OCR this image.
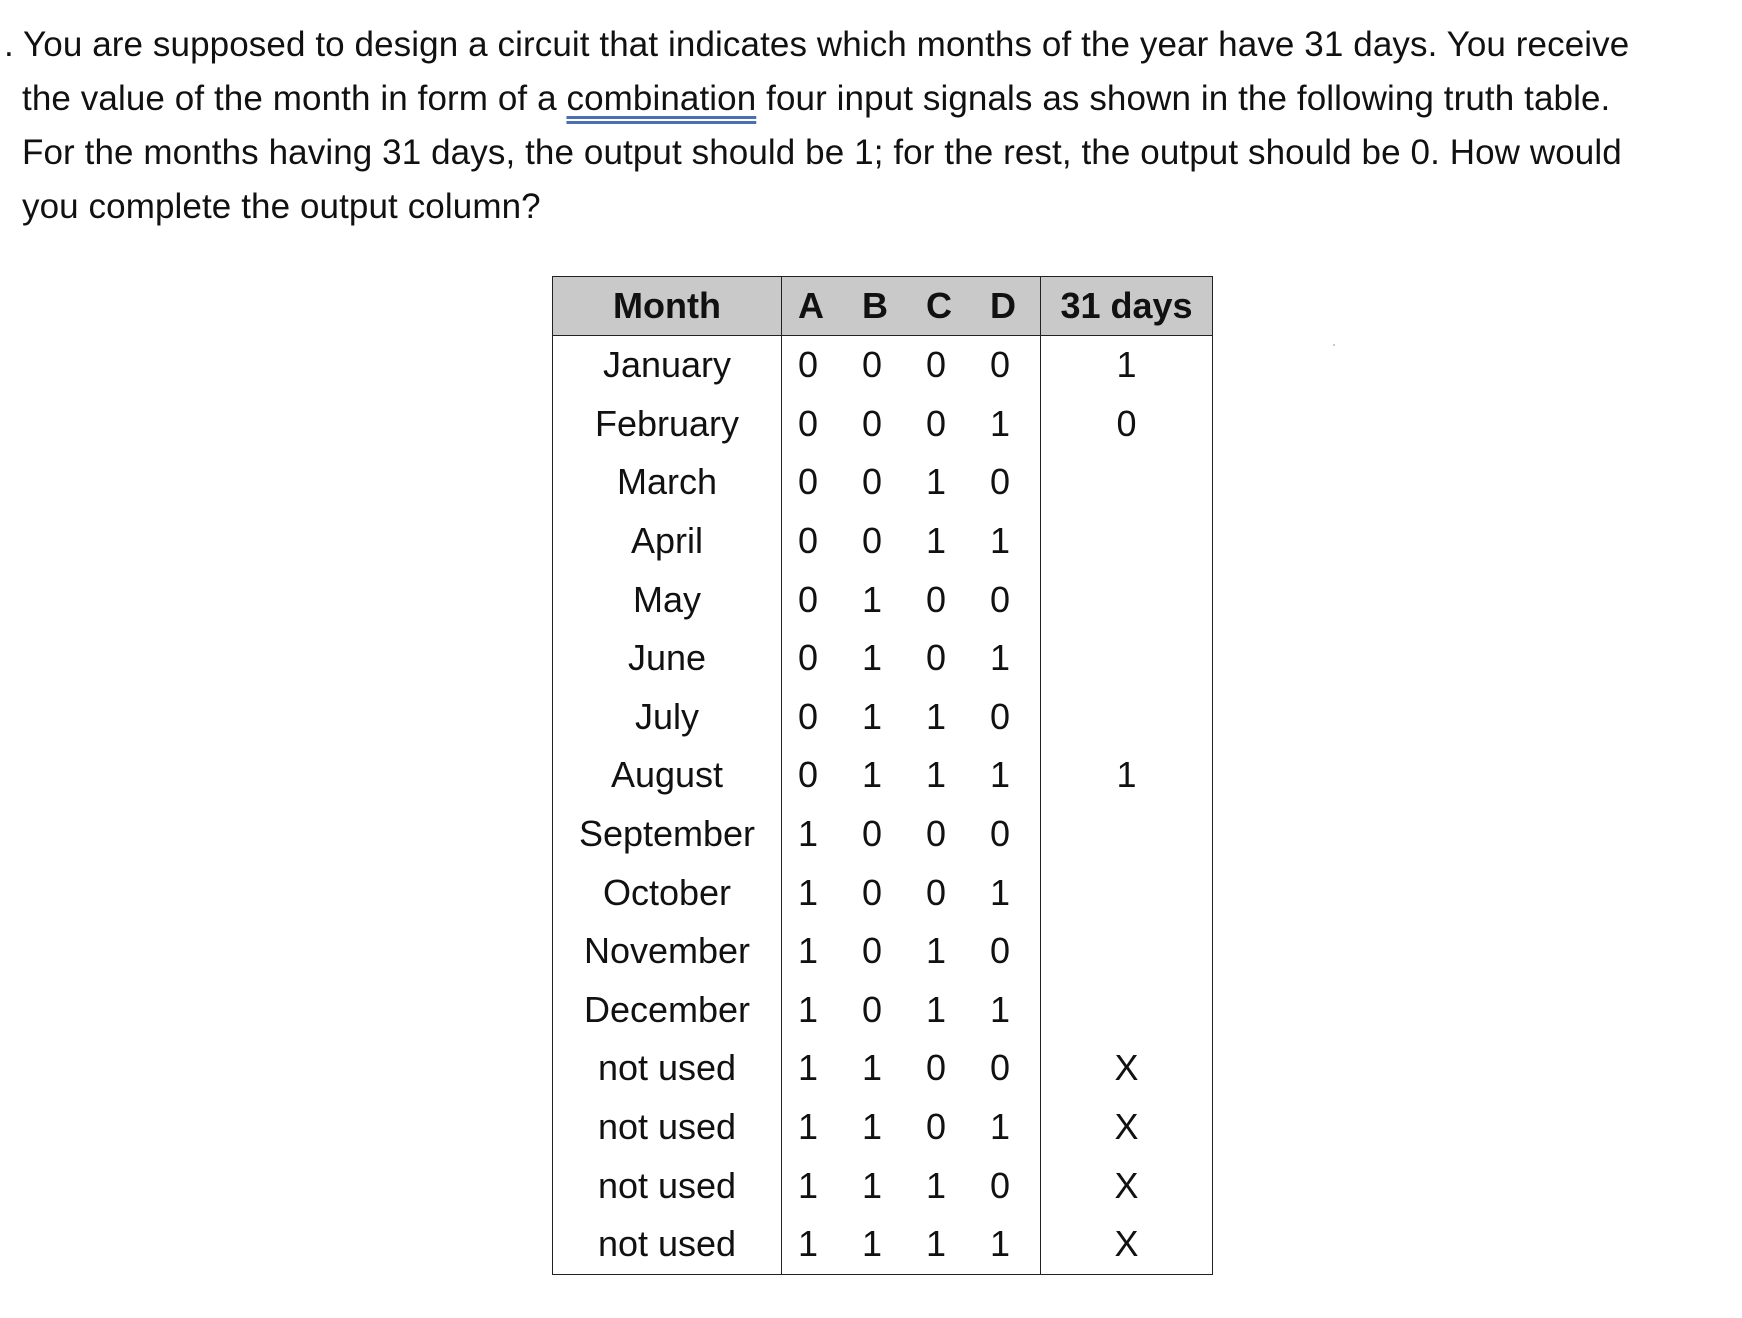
. You are supposed to design a circuit that indicates which months of the year have 31 days. You receive
the value of the month in form of a combination four input signals as shown in the following truth table.
For the months having 31 days, the output should be 1; for the rest, the output should be 0. How would
you complete the output column?
Month	A B C D	31 days
January	0 0 0 0	1
February	0 0 0 1	0
March	0 0 1 0	

April	0 0 1 1	

May	0 1 0 0	

June	0 1 0 1	

July	0 1 1 0	

August	0 1 1 1	1
September	1 0 0 0	

October	1 0 0 1	

November	1 0 1 0	

December	1 0 1 1	

not used	1 1 0 0	X
not used	1 1 0 1	X
not used	1 1 1 0	X
not used	1 1 1 1	X
